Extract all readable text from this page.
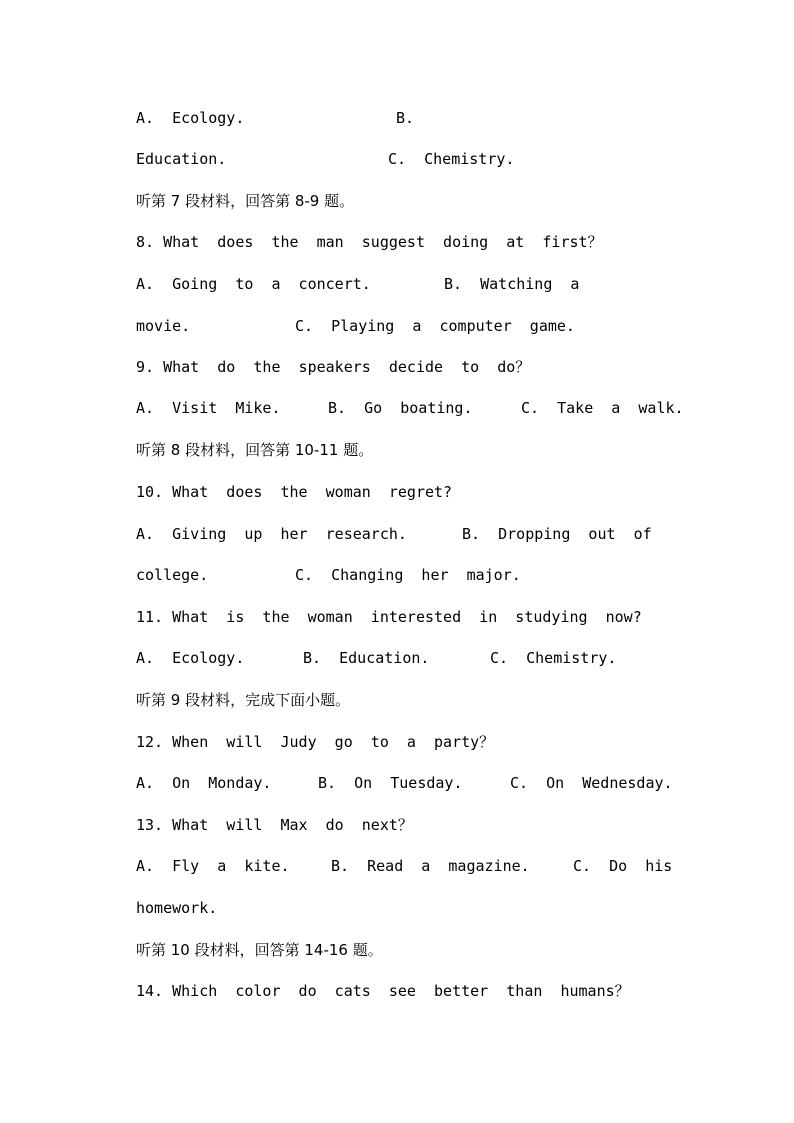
A.  Ecology.

	B.

Education.

	C.  Chemistry.

听第 7 段材料，回答第 8-9 题。

8. What  does  the  man  suggest  doing  at  first？

A.  Going  to  a  concert.

	B.  Watching  a

movie.

	C.  Playing  a  computer  game.

9. What  do  the  speakers  decide  to  do？

A.  Visit  Mike.

	B.  Go  boating.

	C.  Take  a  walk.

听第 8 段材料，回答第 10-11 题。

10. What  does  the  woman  regret?

A.  Giving  up  her  research.

	B.  Dropping  out  of

college.

	C.  Changing  her  major.

11. What  is  the  woman  interested  in  studying  now?

A.  Ecology.

	B.  Education.

	C.  Chemistry.

听第 9 段材料，完成下面小题。

12. When  will  Judy  go  to  a  party？

A.  On  Monday.

	B.  On  Tuesday.

	C.  On  Wednesday.

13. What  will  Max  do  next？

A.  Fly  a  kite.

	B.  Read  a  magazine.

	C.  Do  his

homework.

听第 10 段材料，回答第 14-16 题。

14. Which  color  do  cats  see  better  than  humans？
